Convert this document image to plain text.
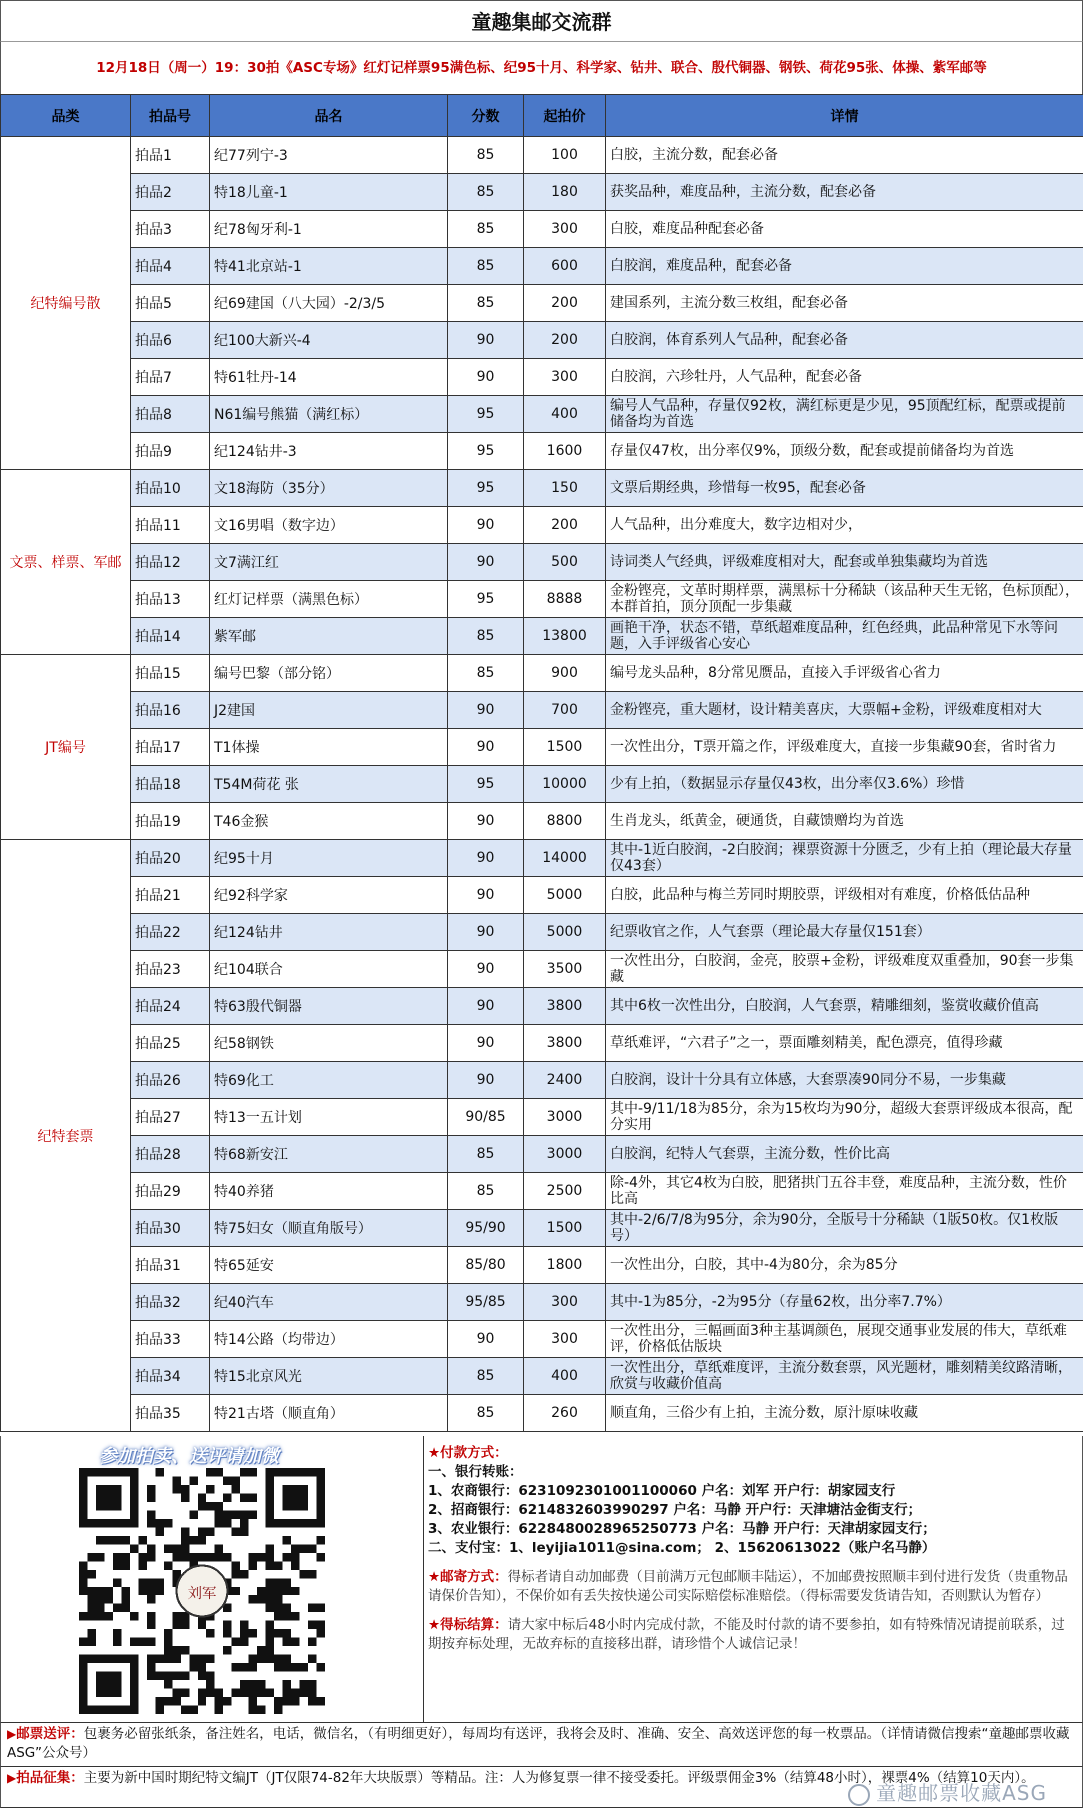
童趣集邮交流群
12月18日（周一）19：30拍《ASC专场》红灯记样票95满色标、纪95十月、科学家、钻井、联合、殷代铜器、钢铁、荷花95张、体操、紫军邮等
品类	拍品号	品名	分数	起拍价	详情
纪特编号散	拍品1	纪77列宁-3	85	100	白胶，主流分数，配套必备
	拍品2	特18儿童-1	85	180	获奖品种，难度品种，主流分数，配套必备
	拍品3	纪78匈牙利-1	85	300	白胶，难度品种配套必备
	拍品4	特41北京站-1	85	600	白胶润，难度品种，配套必备
	拍品5	纪69建国（八大园）-2/3/5	85	200	建国系列，主流分数三枚组，配套必备
	拍品6	纪100大新兴-4	90	200	白胶润，体育系列人气品种，配套必备
	拍品7	特61牡丹-14	90	300	白胶润，六珍牡丹，人气品种，配套必备
	拍品8	N61编号熊猫（满红标）	95	400	编号人气品种，存量仅92枚，满红标更是少见，95顶配红标，配票或提前储备均为首选
	拍品9	纪124钻井-3	95	1600	存量仅47枚，出分率仅9%，顶级分数，配套或提前储备均为首选
文票、样票、军邮	拍品10	文18海防（35分）	95	150	文票后期经典，珍惜每一枚95，配套必备
	拍品11	文16男唱（数字边）	90	200	人气品种，出分难度大，数字边相对少，
	拍品12	文7满江红	90	500	诗词类人气经典，评级难度相对大，配套或单独集藏均为首选
	拍品13	红灯记样票（满黑色标）	95	8888	金粉铿亮，文革时期样票，满黑标十分稀缺（该品种天生无铭，色标顶配），本群首拍，顶分顶配一步集藏
	拍品14	紫军邮	85	13800	画艳干净，状态不错，草纸超难度品种，红色经典，此品种常见下水等问题，入手评级省心安心
JT编号	拍品15	编号巴黎（部分铭）	85	900	编号龙头品种，8分常见赝品，直接入手评级省心省力
	拍品16	J2建国	90	700	金粉铿亮，重大题材，设计精美喜庆，大票幅+金粉，评级难度相对大
	拍品17	T1体操	90	1500	一次性出分，T票开篇之作，评级难度大，直接一步集藏90套，省时省力
	拍品18	T54M荷花 张	95	10000	少有上拍，（数据显示存量仅43枚，出分率仅3.6%）珍惜
	拍品19	T46金猴	90	8800	生肖龙头，纸黄金，硬通货，自藏馈赠均为首选
纪特套票	拍品20	纪95十月	90	14000	其中-1近白胶润，-2白胶润；裸票资源十分匮乏，少有上拍（理论最大存量仅43套）
	拍品21	纪92科学家	90	5000	白胶，此品种与梅兰芳同时期胶票，评级相对有难度，价格低估品种
	拍品22	纪124钻井	90	5000	纪票收官之作，人气套票（理论最大存量仅151套）
	拍品23	纪104联合	90	3500	一次性出分，白胶润，金亮，胶票+金粉，评级难度双重叠加，90套一步集藏
	拍品24	特63殷代铜器	90	3800	其中6枚一次性出分，白胶润，人气套票，精雕细刻，鉴赏收藏价值高
	拍品25	纪58钢铁	90	3800	草纸难评，“六君子”之一，票面雕刻精美，配色漂亮，值得珍藏
	拍品26	特69化工	90	2400	白胶润，设计十分具有立体感，大套票凑90同分不易，一步集藏
	拍品27	特13一五计划	90/85	3000	其中-9/11/18为85分，余为15枚均为90分，超级大套票评级成本很高，配分实用
	拍品28	特68新安江	85	3000	白胶润，纪特人气套票，主流分数，性价比高
	拍品29	特40养猪	85	2500	除-4外，其它4枚为白胶，肥猪拱门五谷丰登，难度品种，主流分数，性价比高
	拍品30	特75妇女（顺直角版号）	95/90	1500	其中-2/6/7/8为95分，余为90分，全版号十分稀缺（1版50枚。仅1枚版号）
	拍品31	特65延安	85/80	1800	一次性出分，白胶，其中-4为80分，余为85分
	拍品32	纪40汽车	95/85	300	其中-1为85分，-2为95分（存量62枚，出分率7.7%）
	拍品33	特14公路（均带边）	90	300	一次性出分，三幅画面3种主基调颜色，展现交通事业发展的伟大，草纸难评，价格低估版块
	拍品34	特15北京风光	85	400	一次性出分，草纸难度评，主流分数套票，风光题材，雕刻精美纹路清晰，欣赏与收藏价值高
	拍品35	特21古塔（顺直角）	85	260	顺直角，三俗少有上拍，主流分数，原汁原味收藏
参加拍卖、送评请加微
刘军
★付款方式：
一、银行转账：
1、农商银行：6231092301001100060 户名：刘军 开户行：胡家园支行
2、招商银行：6214832603990297 户名：马静 开户行：天津塘沽金街支行；
3、农业银行：6228480028965250773 户名：马静 开户行：天津胡家园支行；
二、支付宝：1、leyijia1011@sina.com； 2、15620613022（账户名马静）
★邮寄方式：得标者请自动加邮费（目前满万元包邮顺丰陆运），不加邮费按照顺丰到付进行发货（贵重物品请保价告知），不保价如有丢失按快递公司实际赔偿标准赔偿。（得标需要发货请告知，否则默认为暂存）
★得标结算：请大家中标后48小时内完成付款，不能及时付款的请不要参拍，如有特殊情况请提前联系，过期按弃标处理，无故弃标的直接移出群，请珍惜个人诚信记录！
▶邮票送评：包裹务必留张纸条，备注姓名，电话，微信名，（有明细更好），每周均有送评，我将会及时、准确、安全、高效送评您的每一枚票品。（详情请微信搜索“童趣邮票收藏ASG”公众号）
▶拍品征集：主要为新中国时期纪特文编JT（JT仅限74-82年大块版票）等精品。注：人为修复票一律不接受委托。评级票佣金3%（结算48小时），裸票4%（结算10天内）。
童趣邮票收藏ASG
